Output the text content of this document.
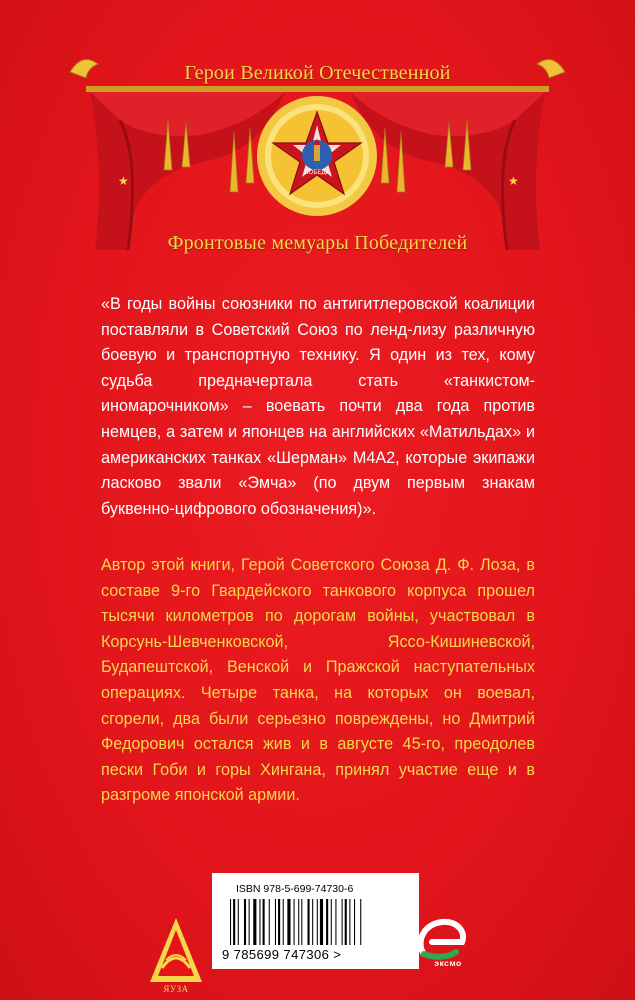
★	★
ПОБЕДА
Герои Великой Отечественной
Фронтовые мемуары Победителей
«В годы войны союзники по антигитлеровской коалиции поставляли в Советский Союз по ленд-лизу различную боевую и транспортную технику. Я один из тех, кому судьба предначертала стать «танкистом-иномарочником» – воевать почти два года против немцев, а затем и японцев на английских «Матильдах» и американских танках «Шерман» М4А2, которые экипажи ласково звали «Эмча» (по двум первым знакам буквенно-цифрового обозначения)».
Автор этой книги, Герой Советского Союза Д. Ф. Лоза, в составе 9-го Гвардейского танкового корпуса прошел тысячи километров по дорогам войны, участвовал в Корсунь-Шевченковской, Яссо-Кишиневской, Будапештской, Венской и Пражской наступательных операциях. Четыре танка, на которых он воевал, сгорели, два были серьезно повреждены, но Дмитрий Федорович остался жив и в августе 45-го, преодолев пески Гоби и горы Хингана, принял участие еще и в разгроме японской армии.
ISBN 978-5-699-74730-6
9 785699 747306 >
ЯУЗА
эксмо
